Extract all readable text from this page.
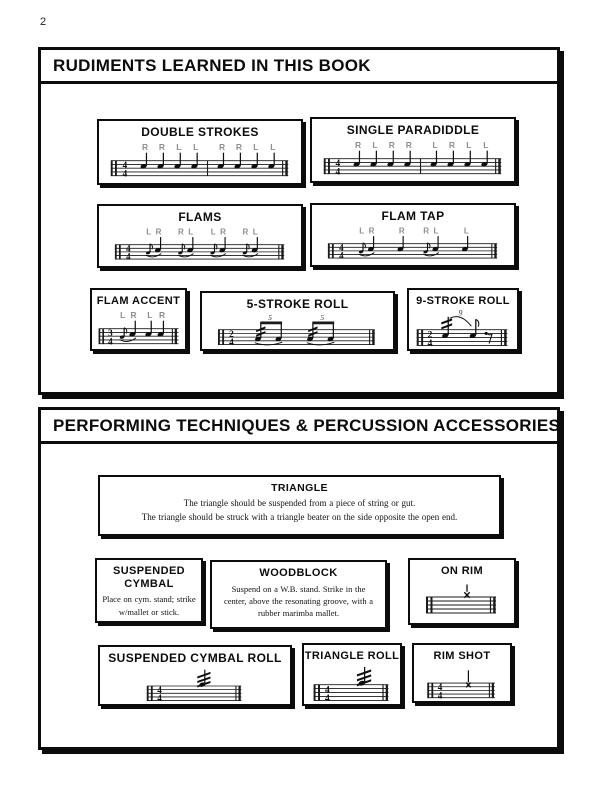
2
RUDIMENTS LEARNED IN THIS BOOK
DOUBLE STROKES
R R L L R R L L
4
4
SINGLE PARADIDDLE
R L R R L R L L
4
4
FLAMS
L R R L L R R L
4
4
FLAM TAP
L R	R R L	L
4
4
FLAM ACCENT
L R L R
3
4
5-STROKE ROLL
2
4
5	5
9-STROKE ROLL
2
4
9
PERFORMING TECHNIQUES & PERCUSSION ACCESSORIES
TRIANGLE
The triangle should be suspended from a piece of string or gut.
The triangle should be struck with a triangle beater on the side opposite the open end.
SUSPENDED CYMBAL
Place on cym. stand; strike w/mallet or stick.
WOODBLOCK
Suspend on a W.B. stand. Strike in the center, above the resonating groove, with a rubber marimba mallet.
ON RIM
SUSPENDED CYMBAL ROLL
4
4
TRIANGLE ROLL
4
4
RIM SHOT
4
4
